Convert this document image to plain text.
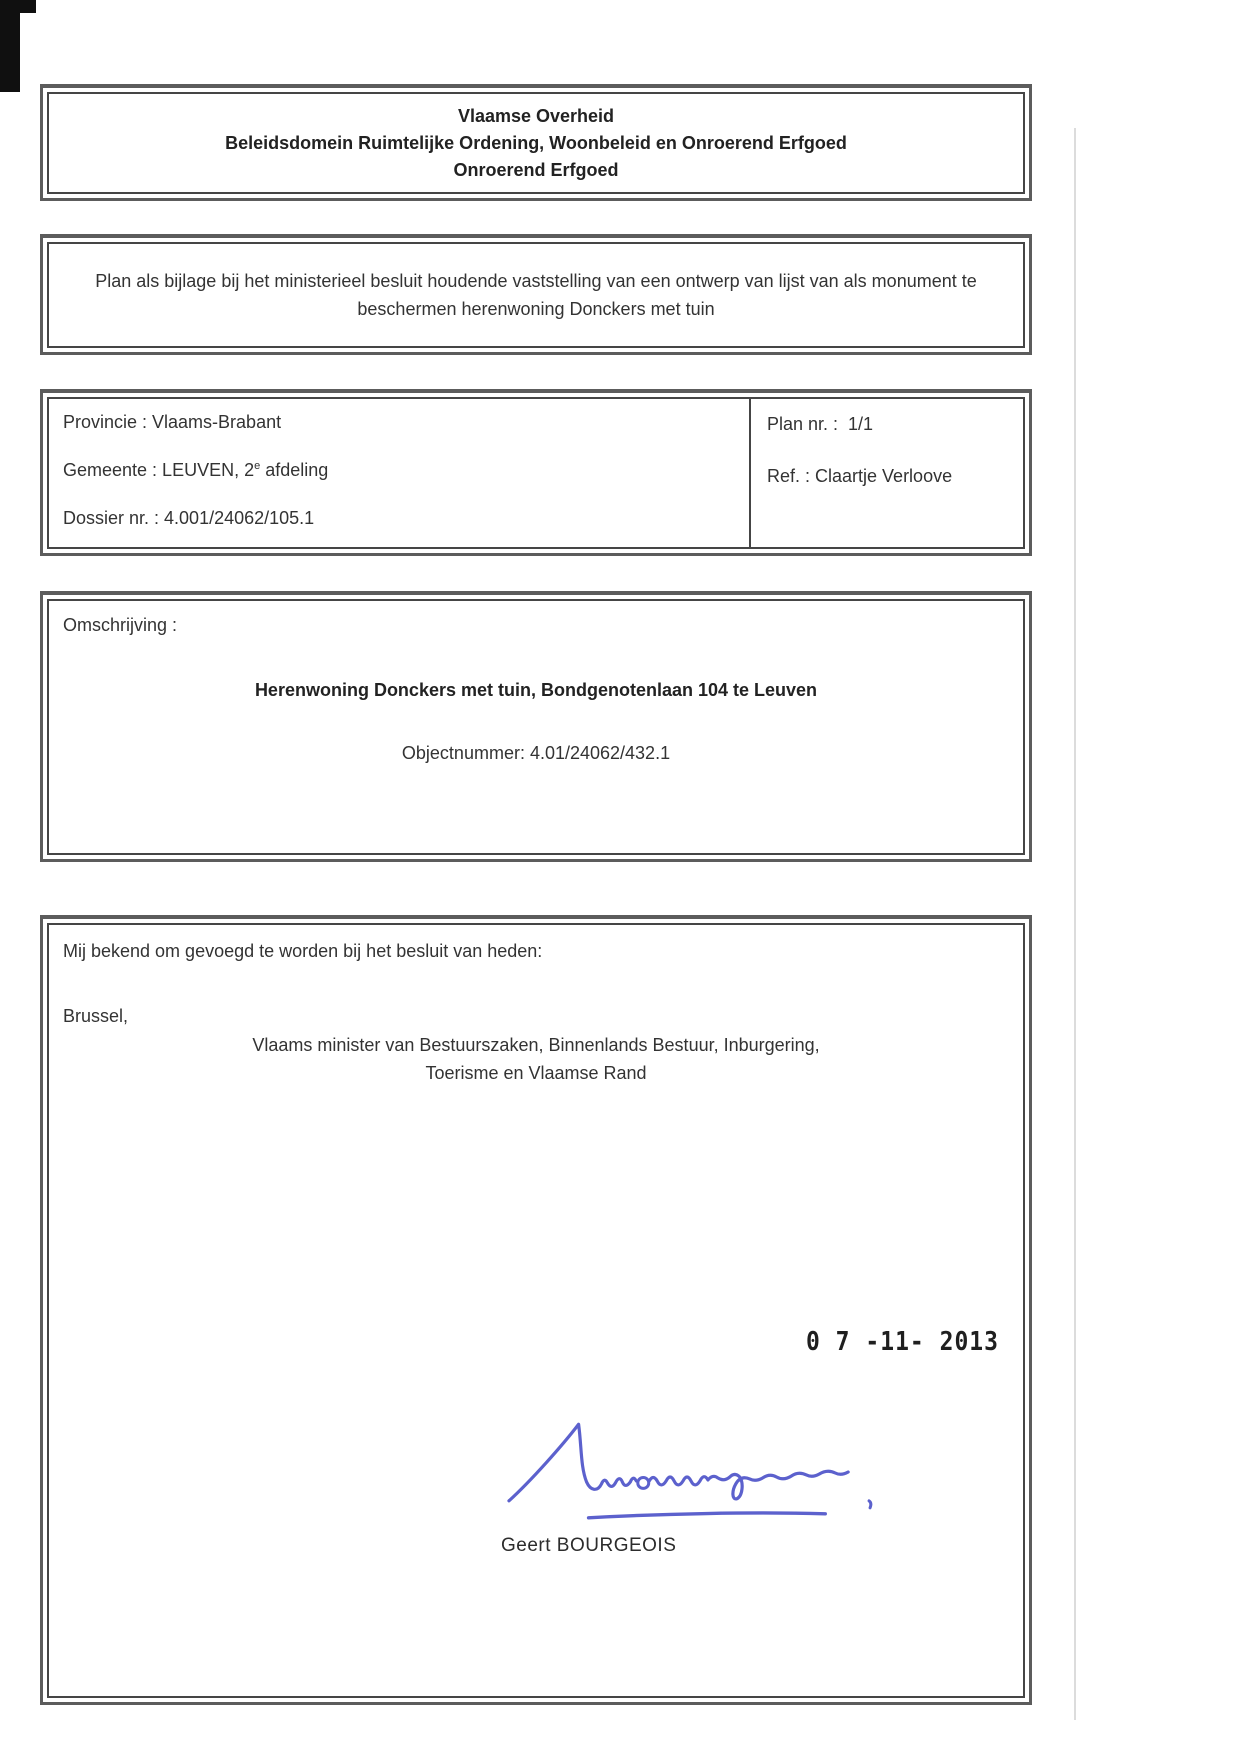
Vlaamse Overheid
Beleidsdomein Ruimtelijke Ordening, Woonbeleid en Onroerend Erfgoed
Onroerend Erfgoed
Plan als bijlage bij het ministerieel besluit houdende vaststelling van een ontwerp van lijst van als monument te beschermen herenwoning Donckers met tuin
Provincie : Vlaams-Brabant
Gemeente : LEUVEN, 2e afdeling
Dossier nr. : 4.001/24062/105.1
Plan nr. :  1/1
Ref. : Claartje Verloove
Omschrijving :
Herenwoning Donckers met tuin, Bondgenotenlaan 104 te Leuven
Objectnummer: 4.01/24062/432.1
Mij bekend om gevoegd te worden bij het besluit van heden:
Brussel,
Vlaams minister van Bestuurszaken, Binnenlands Bestuur, Inburgering,
Toerisme en Vlaamse Rand
0 7 -11- 2013
Geert BOURGEOIS
